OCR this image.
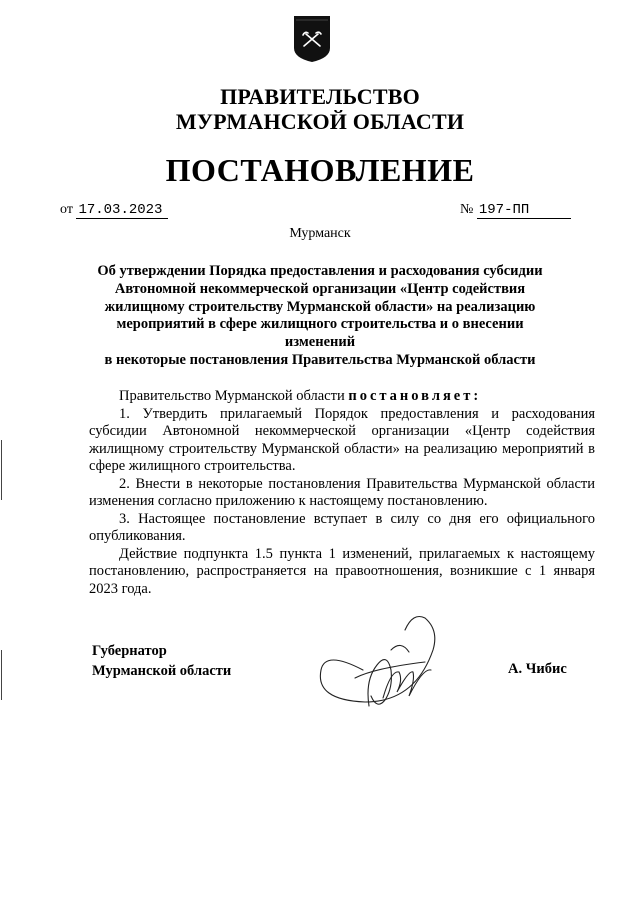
ПРАВИТЕЛЬСТВО
МУРМАНСКОЙ ОБЛАСТИ
ПОСТАНОВЛЕНИЕ
от 17.03.2023	№ 197-ПП
Мурманск
Об утверждении Порядка предоставления и расходования субсидии
Автономной некоммерческой организации «Центр содействия
жилищному строительству Мурманской области» на реализацию
мероприятий в сфере жилищного строительства и о внесении изменений
в некоторые постановления Правительства Мурманской области

Правительство Мурманской области постановляет:

1. Утвердить прилагаемый Порядок предоставления и расходования субсидии Автономной некоммерческой организации «Центр содействия жилищному строительству Мурманской области» на реализацию мероприятий в сфере жилищного строительства.

2. Внести в некоторые постановления Правительства Мурманской области изменения согласно приложению к настоящему постановлению.

3. Настоящее постановление вступает в силу со дня его официального опубликования.

Действие подпункта 1.5 пункта 1 изменений, прилагаемых к настоящему постановлению, распространяется на правоотношения, возникшие с 1 января 2023 года.

Губернатор
Мурманской области	А. Чибис
